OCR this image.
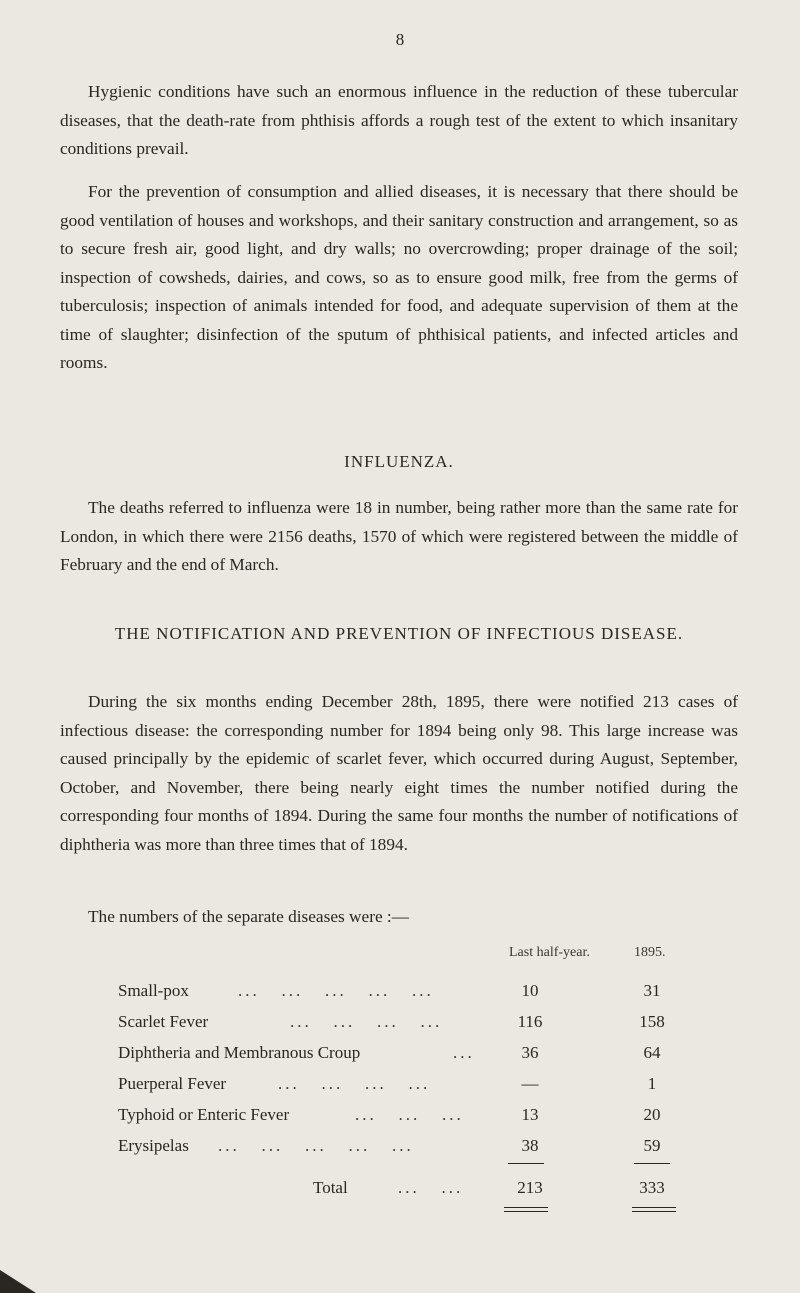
8

Hygienic conditions have such an enormous influence in the reduction of these tubercular diseases, that the death-rate from phthisis affords a rough test of the extent to which insanitary conditions prevail.

For the prevention of consumption and allied diseases, it is necessary that there should be good ventilation of houses and workshops, and their sanitary construction and arrangement, so as to secure fresh air, good light, and dry walls; no overcrowding; proper drainage of the soil; inspection of cowsheds, dairies, and cows, so as to ensure good milk, free from the germs of tuberculosis; inspection of animals intended for food, and adequate supervision of them at the time of slaughter; disinfection of the sputum of phthisical patients, and infected articles and rooms.

INFLUENZA.

The deaths referred to influenza were 18 in number, being rather more than the same rate for London, in which there were 2156 deaths, 1570 of which were registered between the middle of February and the end of March.

THE NOTIFICATION AND PREVENTION OF INFECTIOUS DISEASE.

During the six months ending December 28th, 1895, there were notified 213 cases of infectious disease: the corresponding number for 1894 being only 98. This large increase was caused principally by the epidemic of scarlet fever, which occurred during August, September, October, and November, there being nearly eight times the number notified during the corresponding four months of 1894. During the same four months the number of notifications of diphtheria was more than three times that of 1894.

The numbers of the separate diseases were :—

Last half-year.	1895.
Small-pox	...   ...   ...   ...   ...	10	31
Scarlet Fever	...   ...   ...   ...	116	158
Diphtheria and Membranous Croup	...	36	64
Puerperal Fever	...   ...   ...   ...	—	1
Typhoid or Enteric Fever	...   ...   ...	13	20
Erysipelas ...   ...   ...   ...   ...	38	59
Total	...   ...	213	333
